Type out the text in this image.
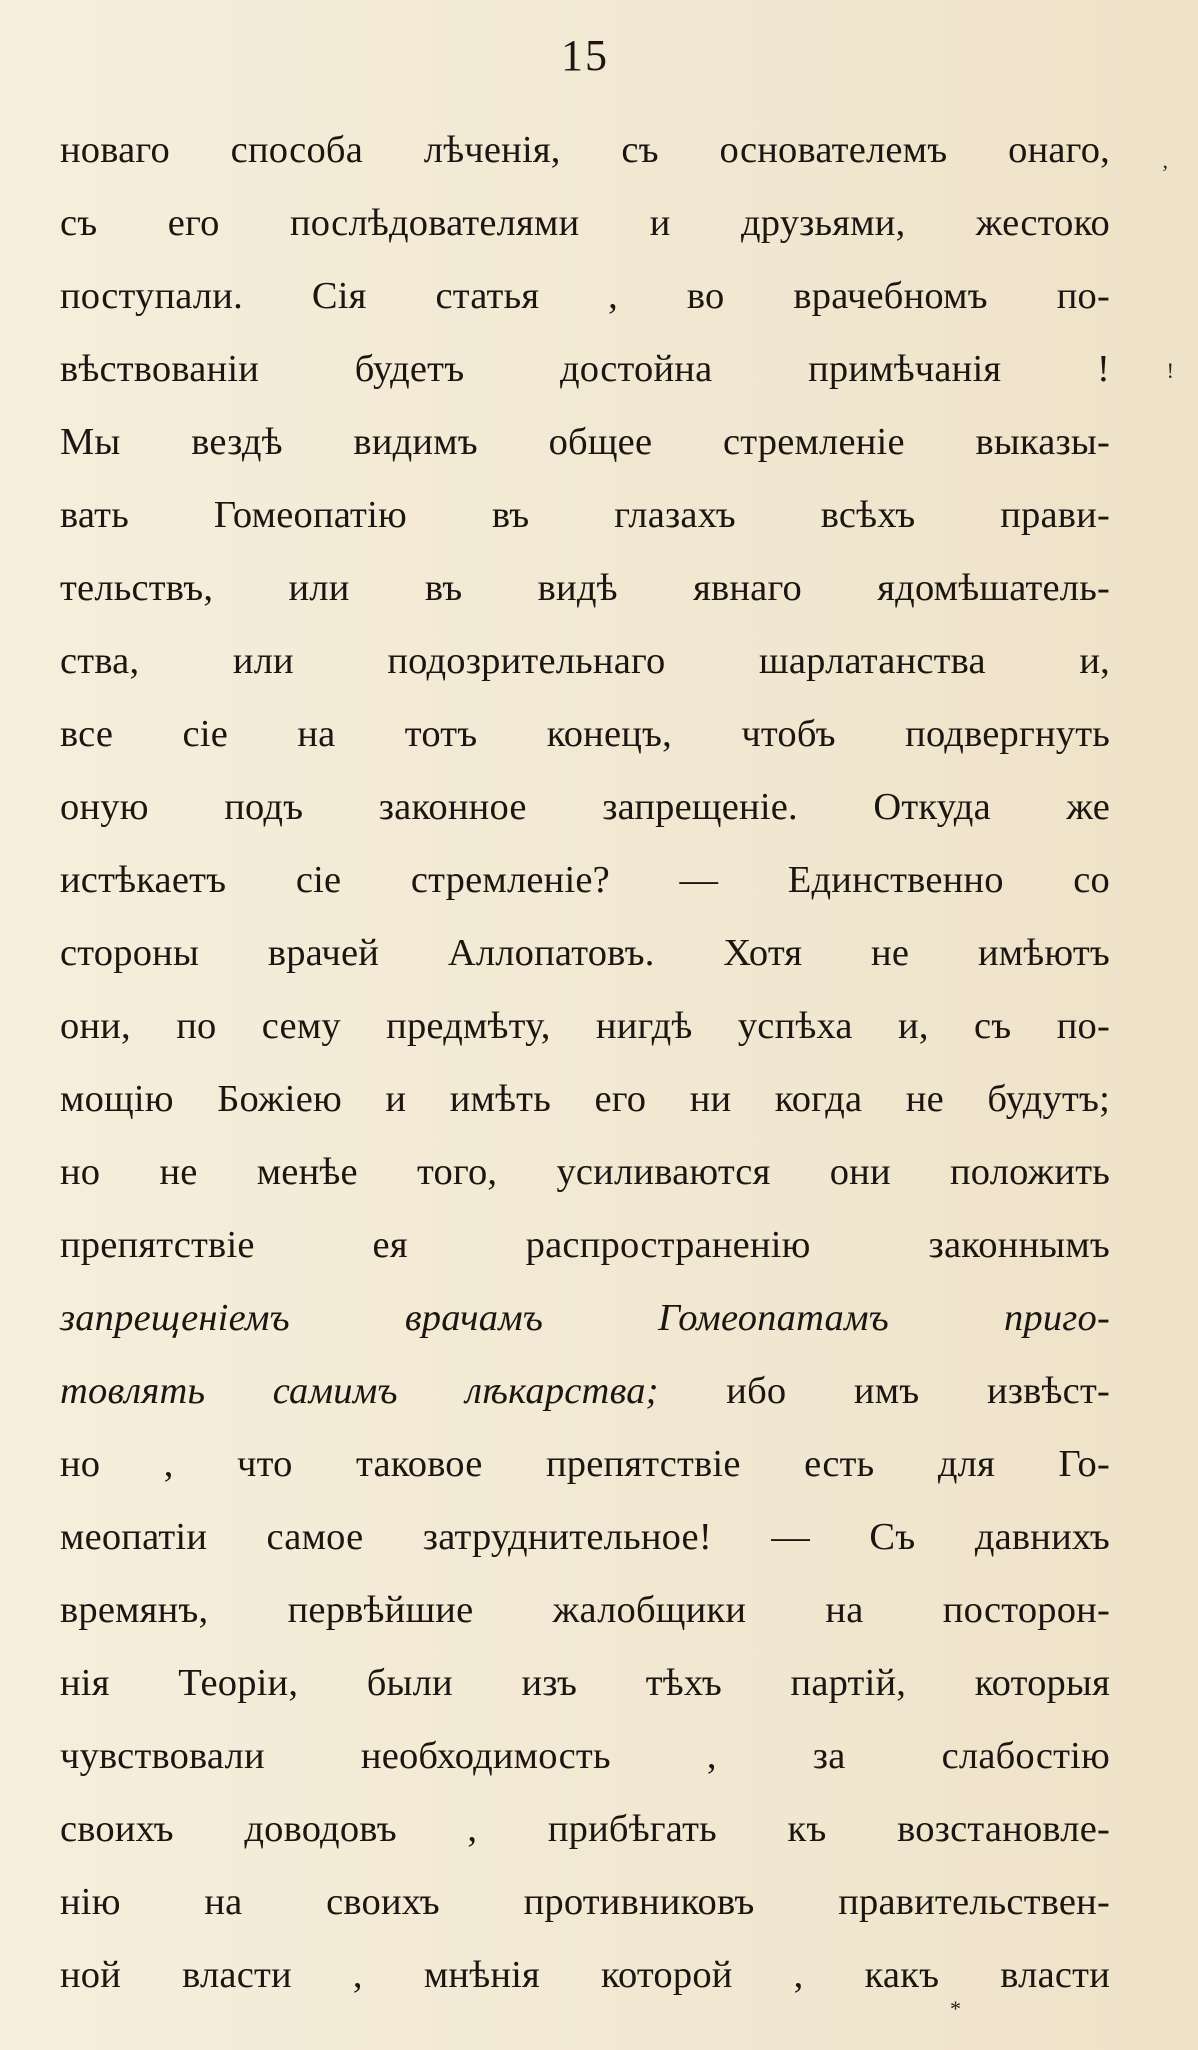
15
новаго способа лѣченія, съ основателемъ онаго,
съ его послѣдователями и друзьями, жестоко
поступали. Сія статья , во врачебномъ по-
вѣствованіи будетъ достойна примѣчанія !
Мы вездѣ видимъ общее стремленіе выказы-
вать Гомеопатію въ глазахъ всѣхъ прави-
тельствъ, или въ видѣ явнаго ядомѣшатель-
ства, или подозрительнаго шарлатанства и,
все сіе на тотъ конецъ, чтобъ подвергнуть
оную подъ законное запрещеніе. Откуда же
истѣкаетъ сіе стремленіе? — Единственно со
стороны врачей Аллопатовъ. Хотя не имѣютъ
они, по сему предмѣту, нигдѣ успѣха и, съ по-
мощію Божіею и имѣть его ни когда не будутъ;
но не менѣе того, усиливаются они положить
препятствіе ея распространенію законнымъ
запрещеніемъ врачамъ Гомеопатамъ приго-
товлять самимъ лѣкарства; ибо имъ извѣст-
но , что таковое препятствіе есть для Го-
меопатіи самое затруднительное! — Съ давнихъ
времянъ, первѣйшие жалобщики на посторон-
нія Теоріи, были изъ тѣхъ партій, которыя
чувствовали необходимость , за слабостію
своихъ доводовъ , прибѣгать къ возстановле-
нію на своихъ противниковъ правительствен-
ной власти , мнѣнія которой , какъ власти
,
!
*
